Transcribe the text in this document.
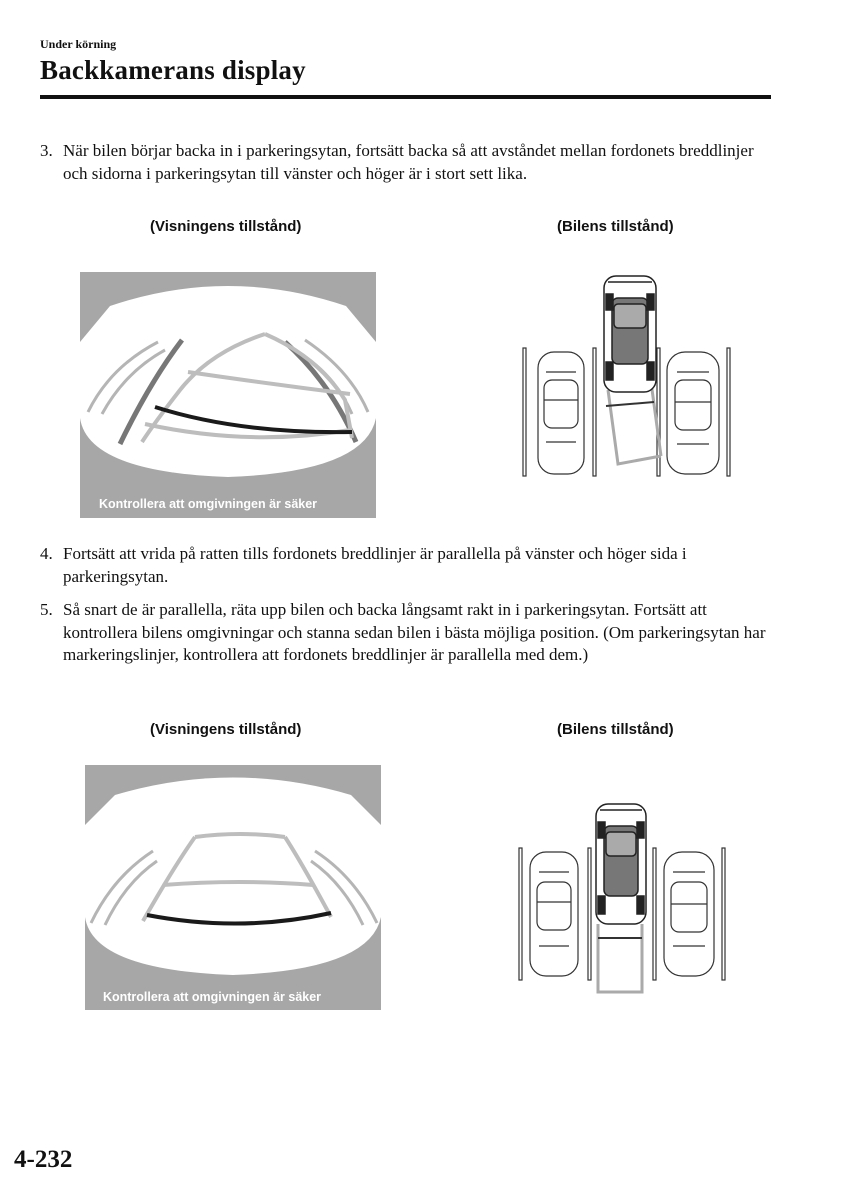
Under körning
Backkamerans display
3. När bilen börjar backa in i parkeringsytan, fortsätt backa så att avståndet mellan fordonets breddlinjer och sidorna i parkeringsytan till vänster och höger är i stort sett lika.
(Visningens tillstånd)	(Bilens tillstånd)
Kontrollera att omgivningen är säker
4. Fortsätt att vrida på ratten tills fordonets breddlinjer är parallella på vänster och höger sida i parkeringsytan.
5. Så snart de är parallella, räta upp bilen och backa långsamt rakt in i parkeringsytan. Fortsätt att kontrollera bilens omgivningar och stanna sedan bilen i bästa möjliga position. (Om parkeringsytan har markeringslinjer, kontrollera att fordonets breddlinjer är parallella med dem.)
(Visningens tillstånd)	(Bilens tillstånd)
Kontrollera att omgivningen är säker
4-232
